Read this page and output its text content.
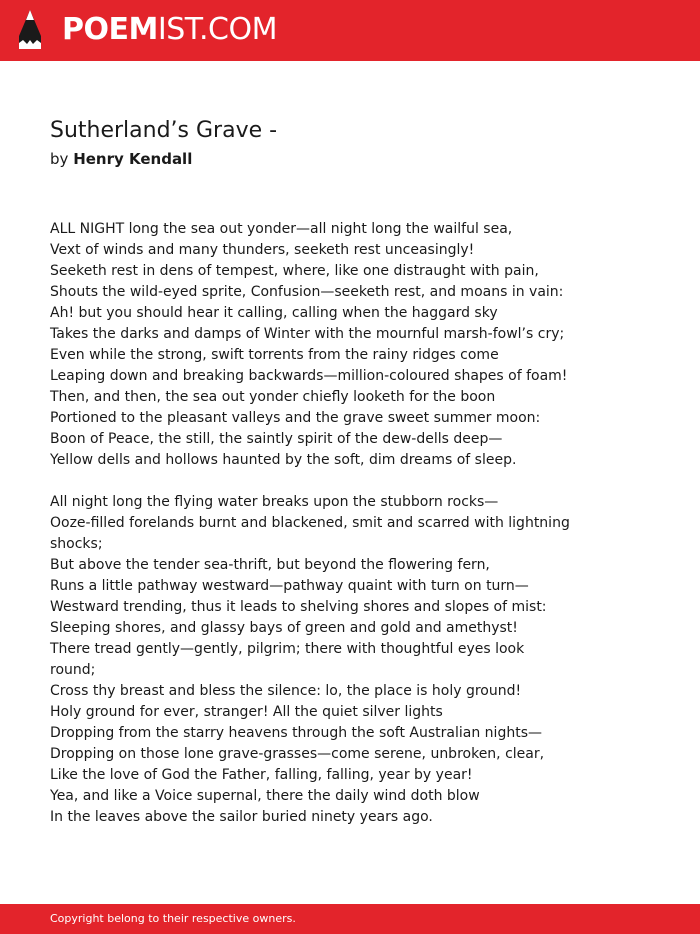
POEMIST.COM
Sutherland’s Grave -
by Henry Kendall
ALL NIGHT long the sea out yonder—all night long the wailful sea,
Vext of winds and many thunders, seeketh rest unceasingly!
Seeketh rest in dens of tempest, where, like one distraught with pain,
Shouts the wild-eyed sprite, Confusion—seeketh rest, and moans in vain:
Ah! but you should hear it calling, calling when the haggard sky
Takes the darks and damps of Winter with the mournful marsh-fowl’s cry;
Even while the strong, swift torrents from the rainy ridges come
Leaping down and breaking backwards—million-coloured shapes of foam!
Then, and then, the sea out yonder chiefly looketh for the boon
Portioned to the pleasant valleys and the grave sweet summer moon:
Boon of Peace, the still, the saintly spirit of the dew-dells deep—
Yellow dells and hollows haunted by the soft, dim dreams of sleep.
All night long the flying water breaks upon the stubborn rocks—
Ooze-filled forelands burnt and blackened, smit and scarred with lightning shocks;
But above the tender sea-thrift, but beyond the flowering fern,
Runs a little pathway westward—pathway quaint with turn on turn—
Westward trending, thus it leads to shelving shores and slopes of mist:
Sleeping shores, and glassy bays of green and gold and amethyst!
There tread gently—gently, pilgrim; there with thoughtful eyes look round;
Cross thy breast and bless the silence: lo, the place is holy ground!
Holy ground for ever, stranger! All the quiet silver lights
Dropping from the starry heavens through the soft Australian nights—
Dropping on those lone grave-grasses—come serene, unbroken, clear,
Like the love of God the Father, falling, falling, year by year!
Yea, and like a Voice supernal, there the daily wind doth blow
In the leaves above the sailor buried ninety years ago.
Copyright belong to their respective owners.
